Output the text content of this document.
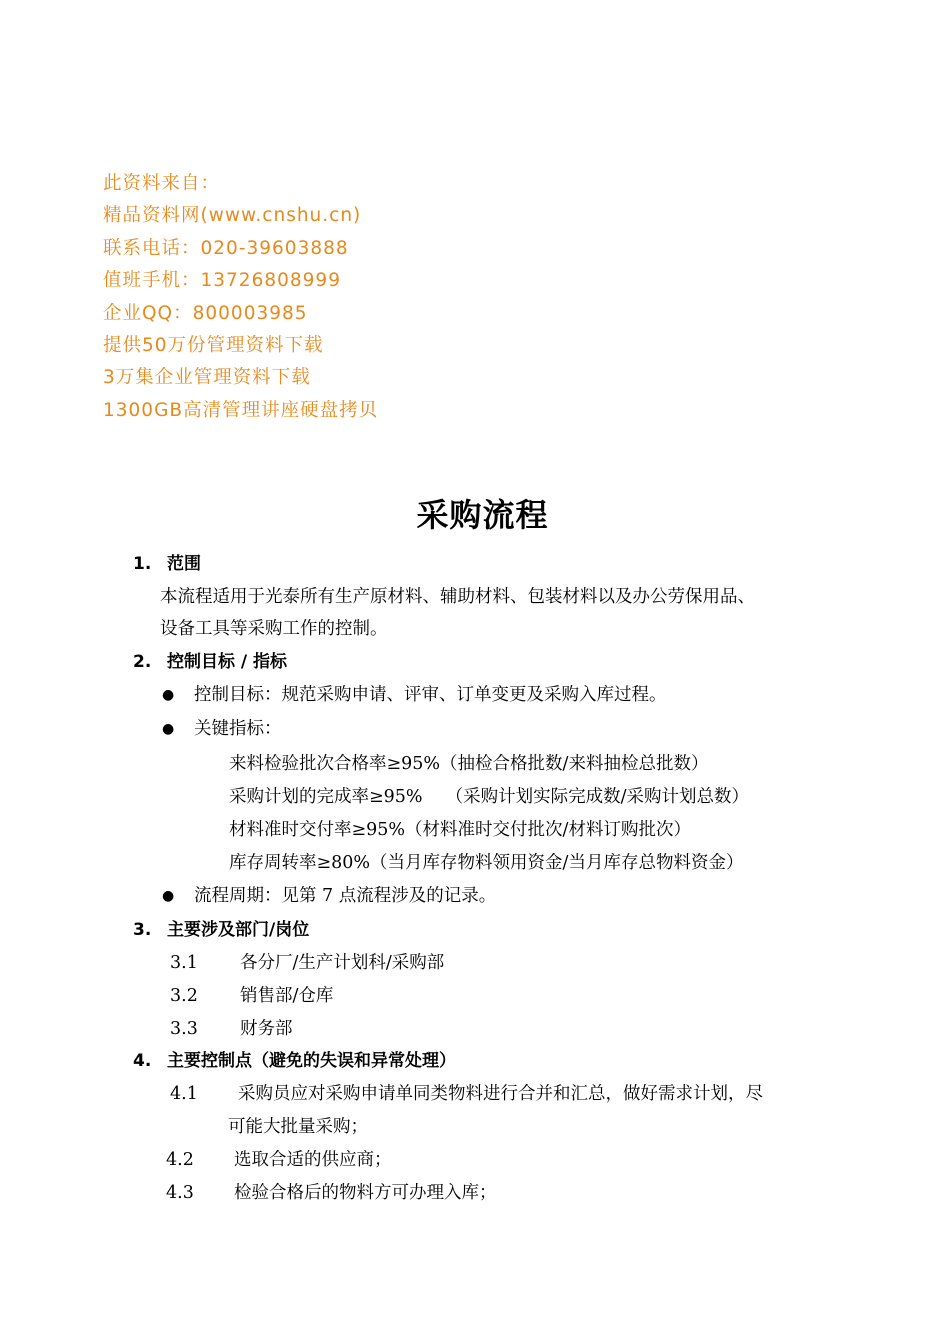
此资料来自：
精品资料网(www.cnshu.cn)
联系电话：020-39603888
值班手机：13726808999
企业QQ：800003985
提供50万份管理资料下载
3万集企业管理资料下载
1300GB高清管理讲座硬盘拷贝
采购流程
1. 范围
本流程适用于光泰所有生产原材料、辅助材料、包装材料以及办公劳保用品、
设备工具等采购工作的控制。
2. 控制目标 / 指标
● 控制目标：规范采购申请、评审、订单变更及采购入库过程。
● 关键指标：
来料检验批次合格率≥95%（抽检合格批数/来料抽检总批数）
采购计划的完成率≥95%　 （采购计划实际完成数/采购计划总数）
材料准时交付率≥95%（材料准时交付批次/材料订购批次）
库存周转率≥80%（当月库存物料领用资金/当月库存总物料资金）
● 流程周期：见第 7 点流程涉及的记录。
3. 主要涉及部门/岗位
3.1 各分厂/生产计划科/采购部
3.2 销售部/仓库
3.3 财务部
4. 主要控制点（避免的失误和异常处理）
4.1 采购员应对采购申请单同类物料进行合并和汇总，做好需求计划，尽
可能大批量采购；
4.2 选取合适的供应商；
4.3 检验合格后的物料方可办理入库；
